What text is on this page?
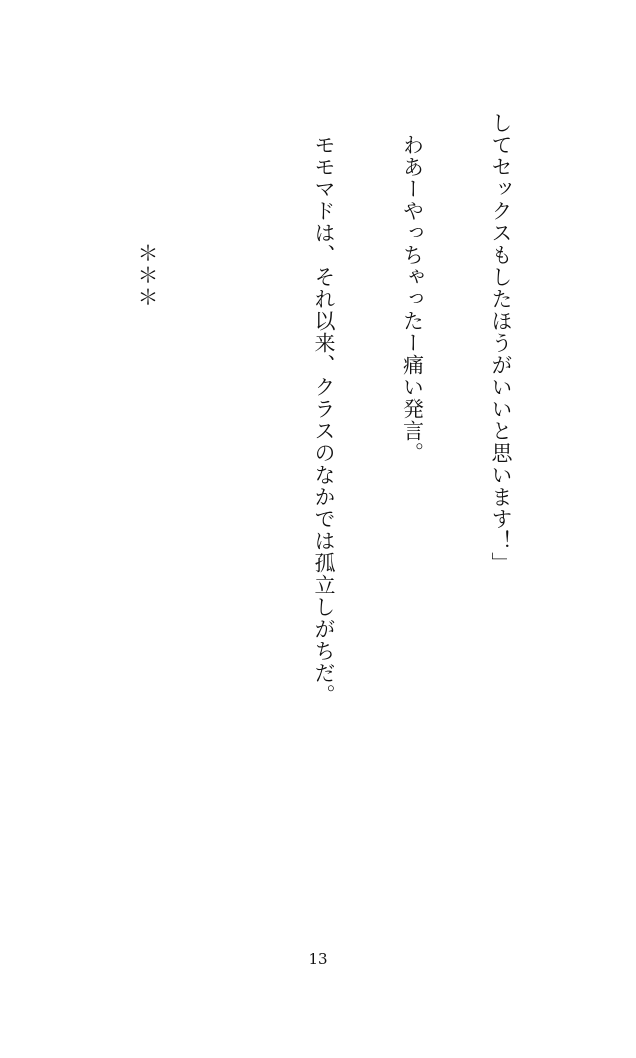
してセックスもしたほうがいいと思います！」

　わあーやっちゃったー痛い発言。

　モモマドは、それ以来、クラスのなかでは孤立しがちだ。

＊＊＊

13
